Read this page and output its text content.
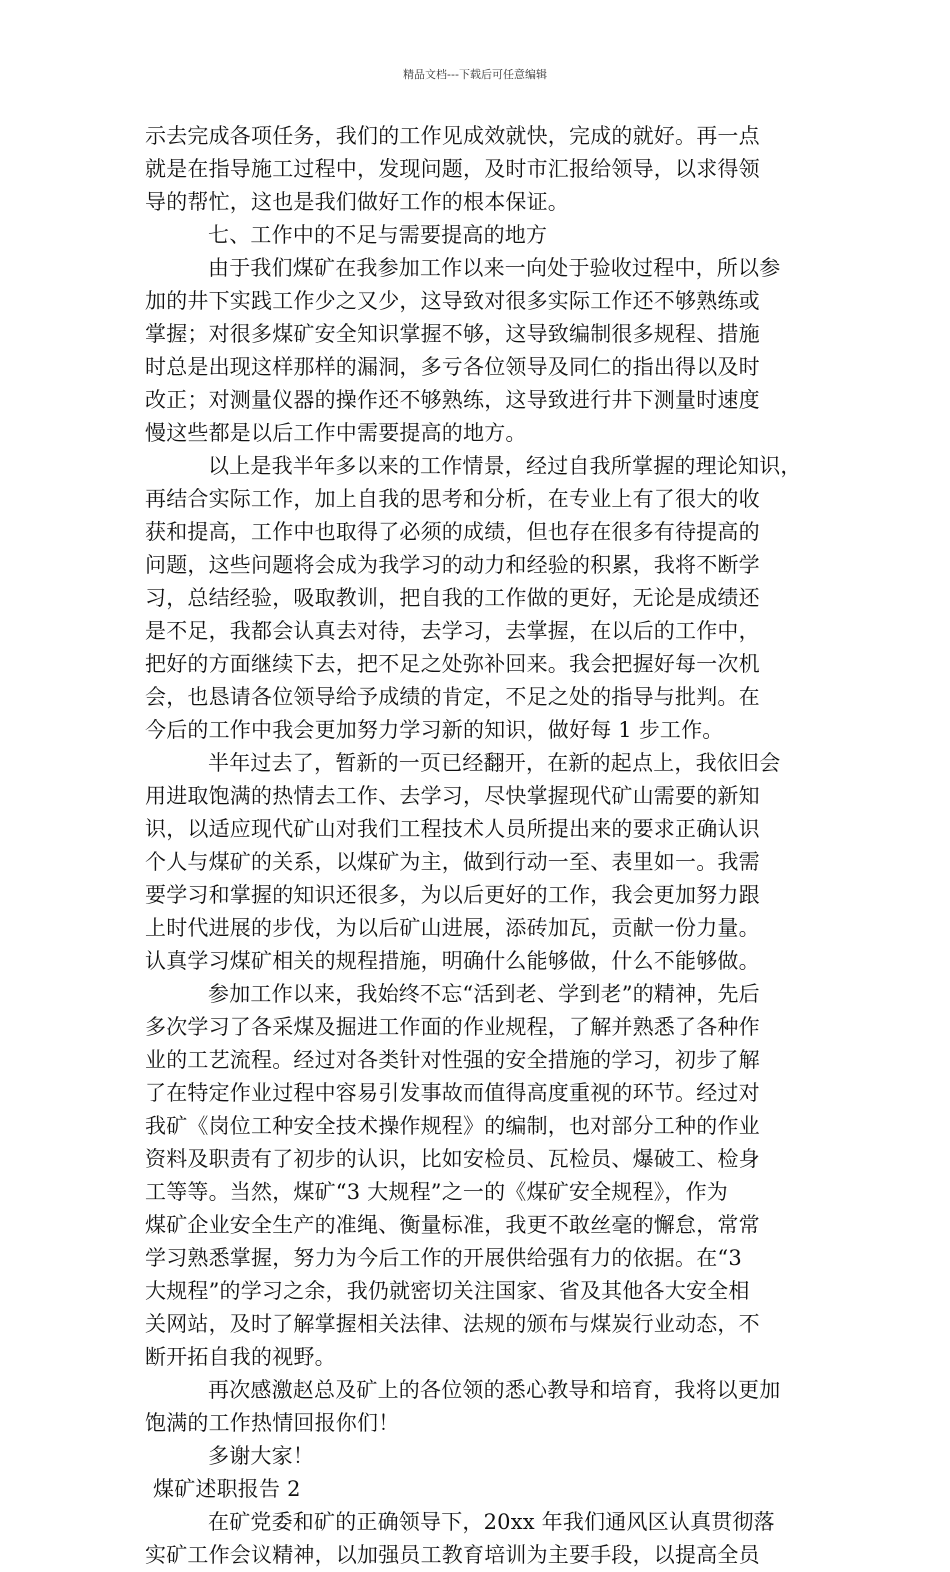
精品文档---下载后可任意编辑

示去完成各项任务，我们的工作见成效就快，完成的就好。再一点
就是在指导施工过程中，发现问题，及时市汇报给领导，以求得领
导的帮忙，这也是我们做好工作的根本保证。

七、工作中的不足与需要提高的地方

由于我们煤矿在我参加工作以来一向处于验收过程中，所以参
加的井下实践工作少之又少，这导致对很多实际工作还不够熟练或
掌握；对很多煤矿安全知识掌握不够，这导致编制很多规程、措施
时总是出现这样那样的漏洞，多亏各位领导及同仁的指出得以及时
改正；对测量仪器的操作还不够熟练，这导致进行井下测量时速度
慢这些都是以后工作中需要提高的地方。

以上是我半年多以来的工作情景，经过自我所掌握的理论知识，
再结合实际工作，加上自我的思考和分析，在专业上有了很大的收
获和提高，工作中也取得了必须的成绩，但也存在很多有待提高的
问题，这些问题将会成为我学习的动力和经验的积累，我将不断学
习，总结经验，吸取教训，把自我的工作做的更好，无论是成绩还
是不足，我都会认真去对待，去学习，去掌握，在以后的工作中，
把好的方面继续下去，把不足之处弥补回来。我会把握好每一次机
会，也恳请各位领导给予成绩的肯定，不足之处的指导与批判。在
今后的工作中我会更加努力学习新的知识，做好每 1 步工作。

半年过去了，暂新的一页已经翻开，在新的起点上，我依旧会
用进取饱满的热情去工作、去学习，尽快掌握现代矿山需要的新知
识，以适应现代矿山对我们工程技术人员所提出来的要求正确认识
个人与煤矿的关系，以煤矿为主，做到行动一至、表里如一。我需
要学习和掌握的知识还很多，为以后更好的工作，我会更加努力跟
上时代进展的步伐，为以后矿山进展，添砖加瓦，贡献一份力量。
认真学习煤矿相关的规程措施，明确什么能够做，什么不能够做。

参加工作以来，我始终不忘“活到老、学到老”的精神，先后
多次学习了各采煤及掘进工作面的作业规程，了解并熟悉了各种作
业的工艺流程。经过对各类针对性强的安全措施的学习，初步了解
了在特定作业过程中容易引发事故而值得高度重视的环节。经过对
我矿《岗位工种安全技术操作规程》的编制，也对部分工种的作业
资料及职责有了初步的认识，比如安检员、瓦检员、爆破工、检身
工等等。当然，煤矿“3 大规程”之一的《煤矿安全规程》，作为
煤矿企业安全生产的准绳、衡量标准，我更不敢丝毫的懈怠，常常
学习熟悉掌握，努力为今后工作的开展供给强有力的依据。在“3
大规程”的学习之余，我仍就密切关注国家、省及其他各大安全相
关网站，及时了解掌握相关法律、法规的颁布与煤炭行业动态，不
断开拓自我的视野。

再次感激赵总及矿上的各位领的悉心教导和培育，我将以更加
饱满的工作热情回报你们！

多谢大家！

煤矿述职报告 2

在矿党委和矿的正确领导下，20xx 年我们通风区认真贯彻落
实矿工作会议精神，以加强员工教育培训为主要手段，以提高全员
